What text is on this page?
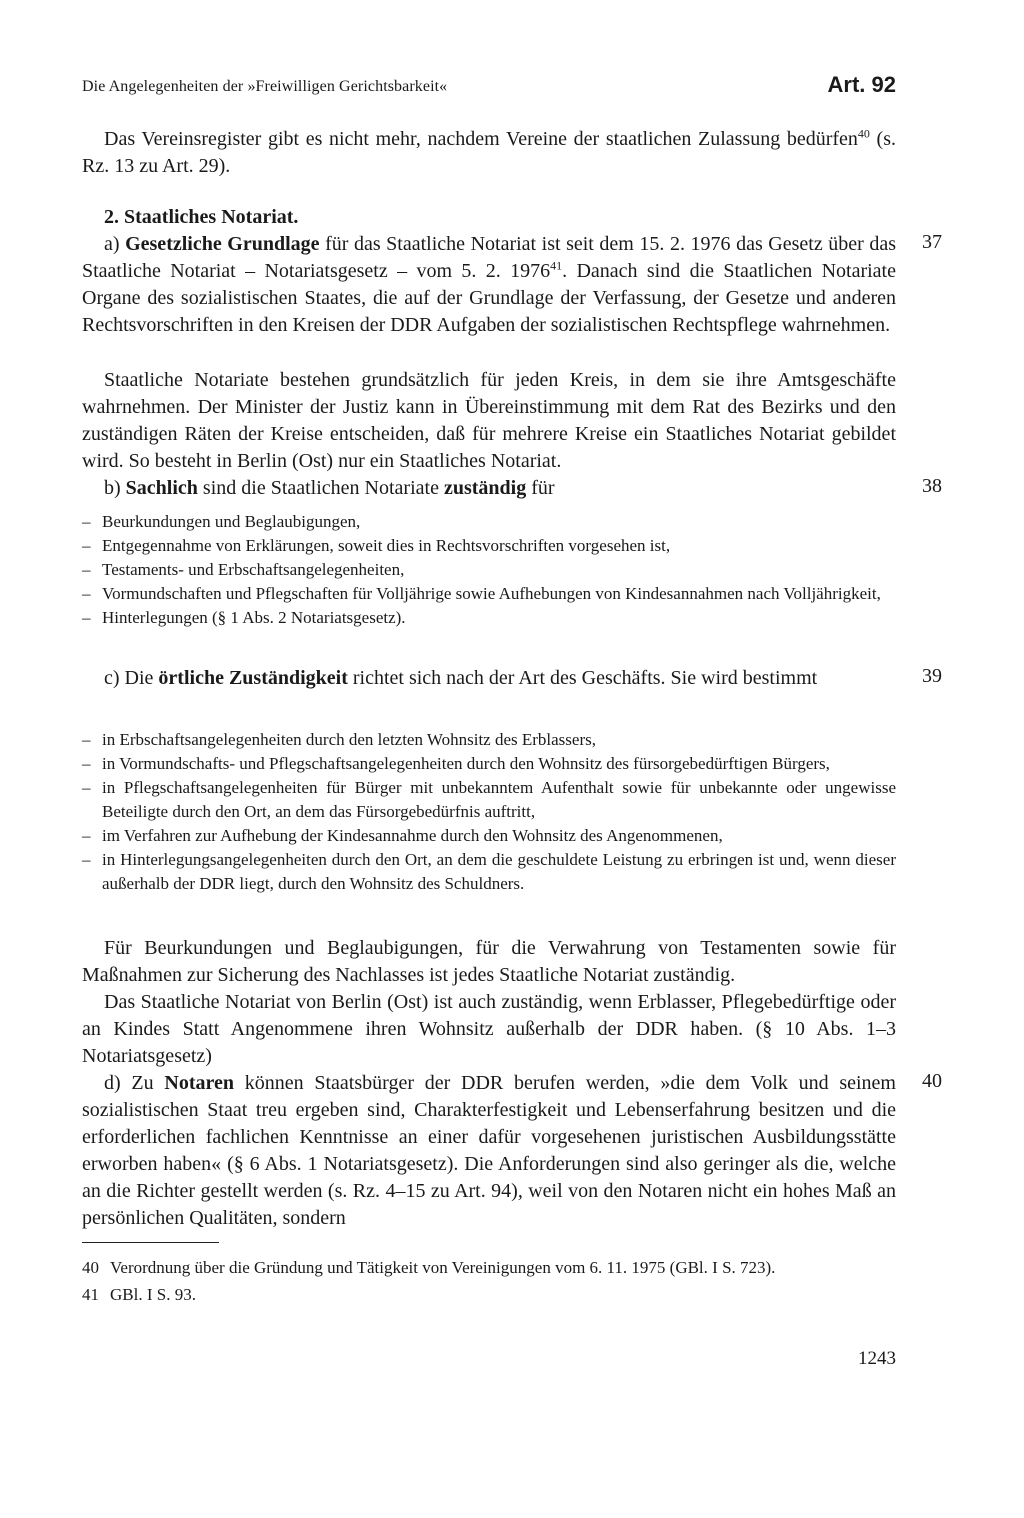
Die Angelegenheiten der »Freiwilligen Gerichtsbarkeit«	Art. 92
Das Vereinsregister gibt es nicht mehr, nachdem Vereine der staatlichen Zulassung bedürfen$^{40}$ (s. Rz. 13 zu Art. 29).
2. Staatliches Notariat.
a) Gesetzliche Grundlage für das Staatliche Notariat ist seit dem 15. 2. 1976 das Gesetz über das Staatliche Notariat – Notariatsgesetz – vom 5. 2. 1976$^{41}$. Danach sind die Staatlichen Notariate Organe des sozialistischen Staates, die auf der Grundlage der Verfassung, der Gesetze und anderen Rechtsvorschriften in den Kreisen der DDR Aufgaben der sozialistischen Rechtspflege wahrnehmen.
37
Staatliche Notariate bestehen grundsätzlich für jeden Kreis, in dem sie ihre Amtsgeschäfte wahrnehmen. Der Minister der Justiz kann in Übereinstimmung mit dem Rat des Bezirks und den zuständigen Räten der Kreise entscheiden, daß für mehrere Kreise ein Staatliches Notariat gebildet wird. So besteht in Berlin (Ost) nur ein Staatliches Notariat.
b) Sachlich sind die Staatlichen Notariate zuständig für	38
– Beurkundungen und Beglaubigungen,
– Entgegennahme von Erklärungen, soweit dies in Rechtsvorschriften vorgesehen ist,
– Testaments- und Erbschaftsangelegenheiten,
– Vormundschaften und Pflegschaften für Volljährige sowie Aufhebungen von Kindesannahmen nach Volljährigkeit,
– Hinterlegungen (§ 1 Abs. 2 Notariatsgesetz).
c) Die örtliche Zuständigkeit richtet sich nach der Art des Geschäfts. Sie wird bestimmt	39
– in Erbschaftsangelegenheiten durch den letzten Wohnsitz des Erblassers,
– in Vormundschafts- und Pflegschaftsangelegenheiten durch den Wohnsitz des fürsorgebedürftigen Bürgers,
– in Pflegschaftsangelegenheiten für Bürger mit unbekanntem Aufenthalt sowie für unbekannte oder ungewisse Beteiligte durch den Ort, an dem das Fürsorgebedürfnis auftritt,
– im Verfahren zur Aufhebung der Kindesannahme durch den Wohnsitz des Angenommenen,
– in Hinterlegungsangelegenheiten durch den Ort, an dem die geschuldete Leistung zu erbringen ist und, wenn dieser außerhalb der DDR liegt, durch den Wohnsitz des Schuldners.
Für Beurkundungen und Beglaubigungen, für die Verwahrung von Testamenten sowie für Maßnahmen zur Sicherung des Nachlasses ist jedes Staatliche Notariat zuständig.
Das Staatliche Notariat von Berlin (Ost) ist auch zuständig, wenn Erblasser, Pflegebedürftige oder an Kindes Statt Angenommene ihren Wohnsitz außerhalb der DDR haben. (§ 10 Abs. 1–3 Notariatsgesetz)
d) Zu Notaren können Staatsbürger der DDR berufen werden, »die dem Volk und seinem sozialistischen Staat treu ergeben sind, Charakterfestigkeit und Lebenserfahrung besitzen und die erforderlichen fachlichen Kenntnisse an einer dafür vorgesehenen juristischen Ausbildungsstätte erworben haben« (§ 6 Abs. 1 Notariatsgesetz). Die Anforderungen sind also geringer als die, welche an die Richter gestellt werden (s. Rz. 4–15 zu Art. 94), weil von den Notaren nicht ein hohes Maß an persönlichen Qualitäten, sondern
40
40 Verordnung über die Gründung und Tätigkeit von Vereinigungen vom 6. 11. 1975 (GBl. I S. 723).
41 GBl. I S. 93.
1243
